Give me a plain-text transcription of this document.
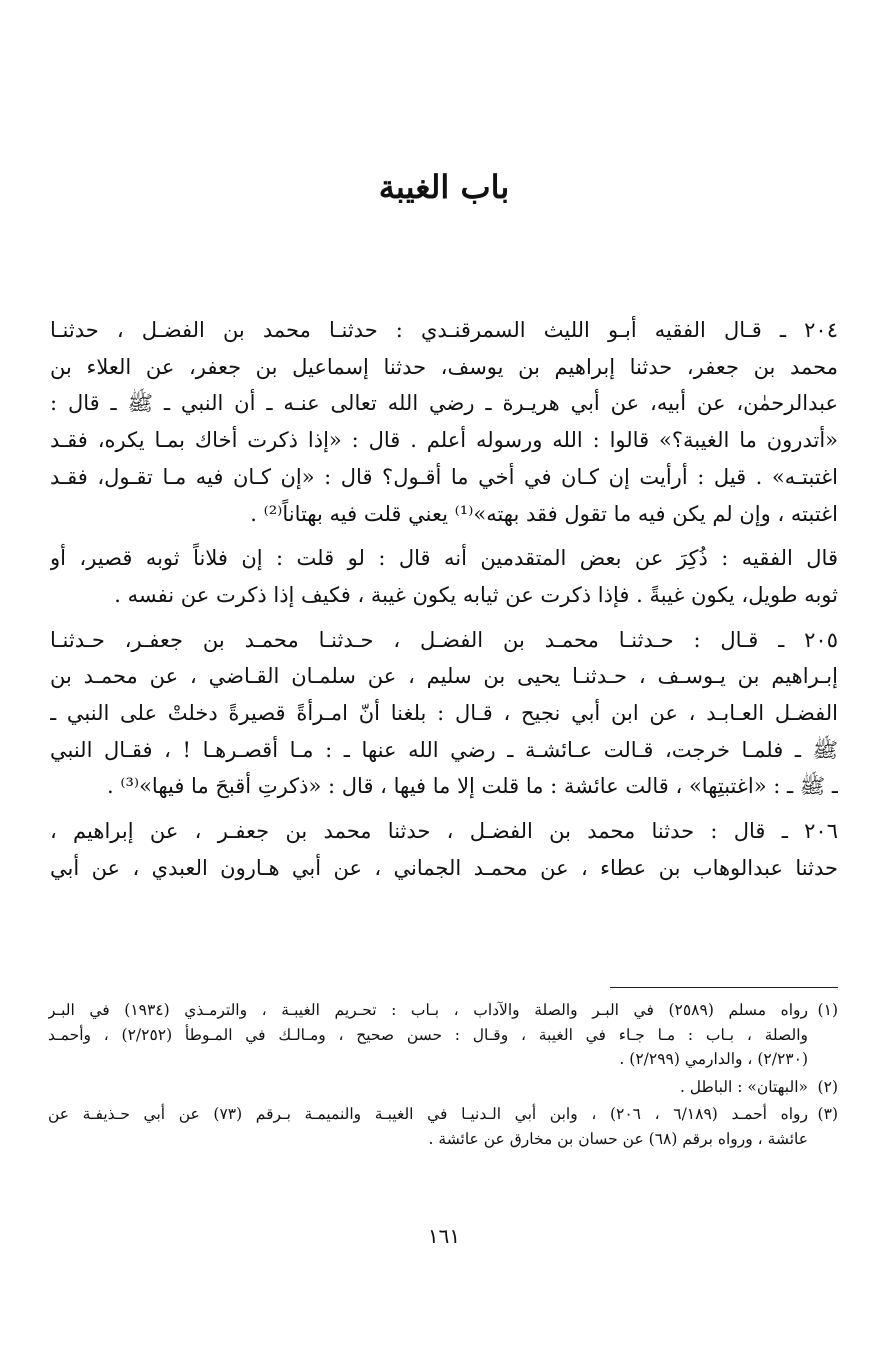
باب الغيبة
٢٠٤ ـ قـال الفقيه أبـو الليث السمرقنـدي : حدثنـا محمد بن الفضـل ، حدثنـا
محمد بن جعفر، حدثنا إبراهيم بن يوسف، حدثنا إسماعيل بن جعفر، عن العلاء بن
عبدالرحمٰن، عن أبيه، عن أبي هريـرة ـ رضي الله تعالى عنـه ـ أن النبي ـ ﷺ ـ قال :
«أتدرون ما الغيبة؟» قالوا : الله ورسوله أعلم . قال : «إذا ذكرت أخاك بمـا يكره، فقـد
اغتبتـه» . قيل : أرأيت إن كـان في أخي ما أقـول؟ قال : «إن كـان فيه مـا تقـول، فقـد
اغتبته ، وإن لم يكن فيه ما تقول فقد بهته»⁽¹⁾ يعني قلت فيه بهتاناً⁽²⁾ .
قال الفقيه : ذُكِرَ عن بعض المتقدمين أنه قال : لو قلت : إن فلاناً ثوبه قصير، أو
ثوبه طويل، يكون غيبةً . فإذا ذكرت عن ثيابه يكون غيبة ، فكيف إذا ذكرت عن نفسه .
٢٠٥ ـ قـال : حـدثنـا محمـد بن الفضـل ، حـدثنـا محمـد بن جعفـر، حـدثنـا
إبـراهيم بن يـوسـف ، حـدثنـا يحيى بن سليم ، عن سلمـان القـاضي ، عن محمـد بن
الفضـل العـابـد ، عن ابن أبي نجيح ، قـال : بلغنا أنّ امـرأةً قصيرةً دخلتْ على النبي ـ
ﷺ ـ فلمـا خرجت، قـالت عـائشـة ـ رضي الله عنها ـ : مـا أقصـرهـا ! ، فقـال النبي
ـ ﷺ ـ : «اغتبتِها» ، قالت عائشة : ما قلت إلا ما فيها ، قال : «ذكرتِ أقبحَ ما فيها»⁽³⁾ .
٢٠٦ ـ قال : حدثنا محمد بن الفضـل ، حدثنا محمد بن جعفـر ، عن إبراهيم ،
حدثنا عبدالوهاب بن عطاء ، عن محمـد الجماني ، عن أبي هـارون العبدي ، عن أبي
(١)
رواه مسلم (٢٥٨٩) في البـر والصلة والآداب ، بـاب : تحـريم الغيبـة ، والترمـذي (١٩٣٤) في البـر
والصلة ، بـاب : مـا جـاء في الغيبة ، وقـال : حسن صحيح ، ومـالـك في المـوطأ (٢/٢٥٢) ، وأحمـد
(٢/٢٣٠) ، والدارمي (٢/٢٩٩) .
(٢)
«البهتان» : الباطل .
(٣)
رواه أحمـد (٦/١٨٩ ، ٢٠٦) ، وابن أبي الـدنيـا في الغيبـة والنميمـة بـرقم (٧٣) عن أبي حـذيفـة عن
عائشة ، ورواه برقم (٦٨) عن حسان بن مخارق عن عائشة .
١٦١
